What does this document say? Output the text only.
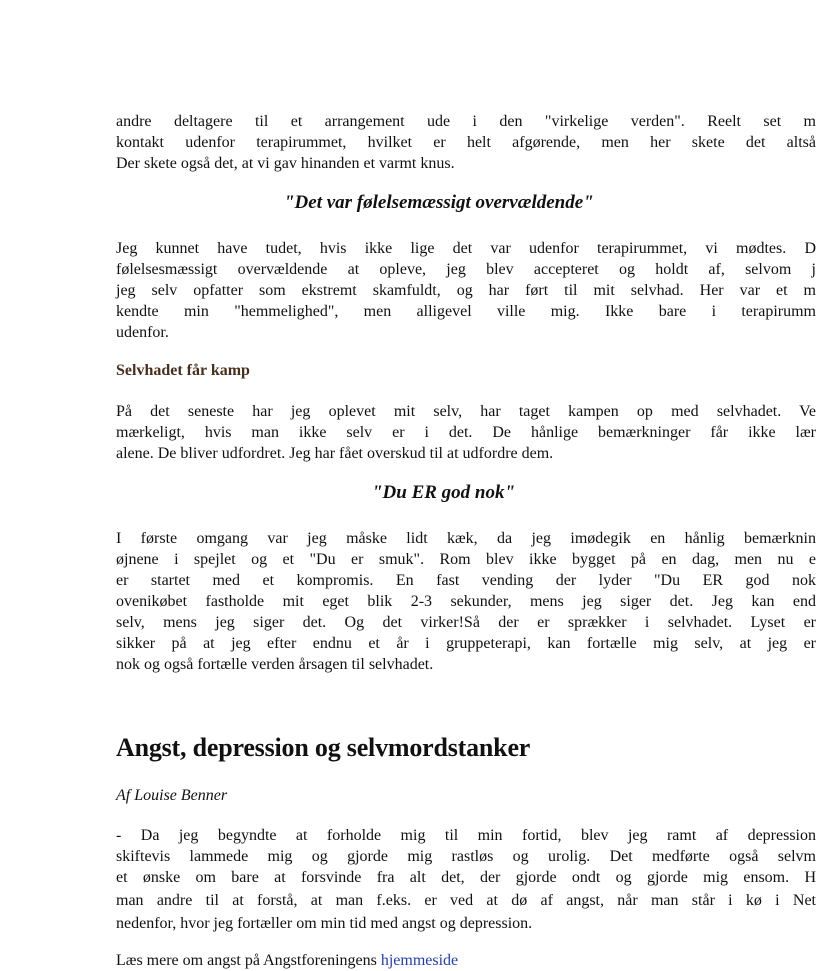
andre deltagere til et arrangement ude i den "virkelige verden". Reelt set m
kontakt udenfor terapirummet, hvilket er helt afgørende, men her skete det altså
Der skete også det, at vi gav hinanden et varmt knus.
"Det var følelsemæssigt overvældende"
Jeg kunnet have tudet, hvis ikke lige det var udenfor terapirummet, vi mødtes. D
følelsesmæssigt overvældende at opleve, jeg blev accepteret og holdt af, selvom j
jeg selv opfatter som ekstremt skamfuldt, og har ført til mit selvhad. Her var et m
kendte min "hemmelighed", men alligevel ville mig. Ikke bare i terapirumm
udenfor.
Selvhadet får kamp
På det seneste har jeg oplevet mit selv, har taget kampen op med selvhadet. Ve
mærkeligt, hvis man ikke selv er i det. De hånlige bemærkninger får ikke lær
alene. De bliver udfordret. Jeg har fået overskud til at udfordre dem.
"Du ER god nok"
I første omgang var jeg måske lidt kæk, da jeg imødegik en hånlig bemærknin
øjnene i spejlet og et "Du er smuk". Rom blev ikke bygget på en dag, men nu e
er startet med et kompromis. En fast vending der lyder "Du ER god nok
ovenikøbet fastholde mit eget blik 2-3 sekunder, mens jeg siger det. Jeg kan end
selv, mens jeg siger det. Og det virker!Så der er sprækker i selvhadet. Lyset er
sikker på at jeg efter endnu et år i gruppeterapi, kan fortælle mig selv, at jeg er
nok og også fortælle verden årsagen til selvhadet.
Angst, depression og selvmordstanker
Af Louise Benner
- Da jeg begyndte at forholde mig til min fortid, blev jeg ramt af depression
skiftevis lammede mig og gjorde mig rastløs og urolig. Det medførte også selvm
et ønske om bare at forsvinde fra alt det, der gjorde ondt og gjorde mig ensom. H
man andre til at forstå, at man f.eks. er ved at dø af angst, når man står i kø i Net
nedenfor, hvor jeg fortæller om min tid med angst og depression.
Læs mere om angst på Angstforeningens hjemmeside
